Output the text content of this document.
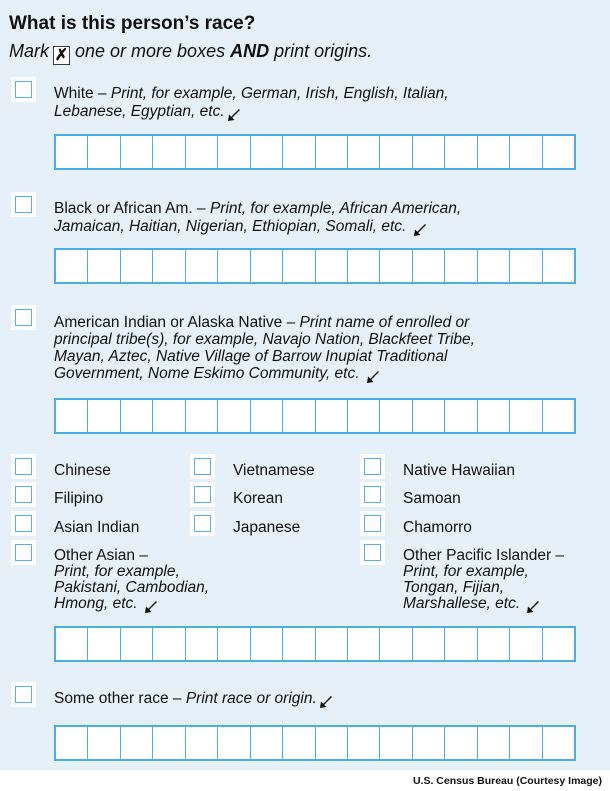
What is this person’s race?
Mark ✗ one or more boxes AND print origins.
White – Print, for example, German, Irish, English, Italian,
Lebanese, Egyptian, etc.
Black or African Am. – Print, for example, African American,
Jamaican, Haitian, Nigerian, Ethiopian, Somali, etc.
American Indian or Alaska Native – Print name of enrolled or
principal tribe(s), for example, Navajo Nation, Blackfeet Tribe,
Mayan, Aztec, Native Village of Barrow Inupiat Traditional
Government, Nome Eskimo Community, etc.
Chinese
Filipino
Asian Indian
Vietnamese
Korean
Japanese
Native Hawaiian
Samoan
Chamorro
Other Asian –
Print, for example,
Pakistani, Cambodian,
Hmong, etc.
Other Pacific Islander –
Print, for example,
Tongan, Fijian,
Marshallese, etc.
Some other race – Print race or origin.
U.S. Census Bureau (Courtesy Image)
